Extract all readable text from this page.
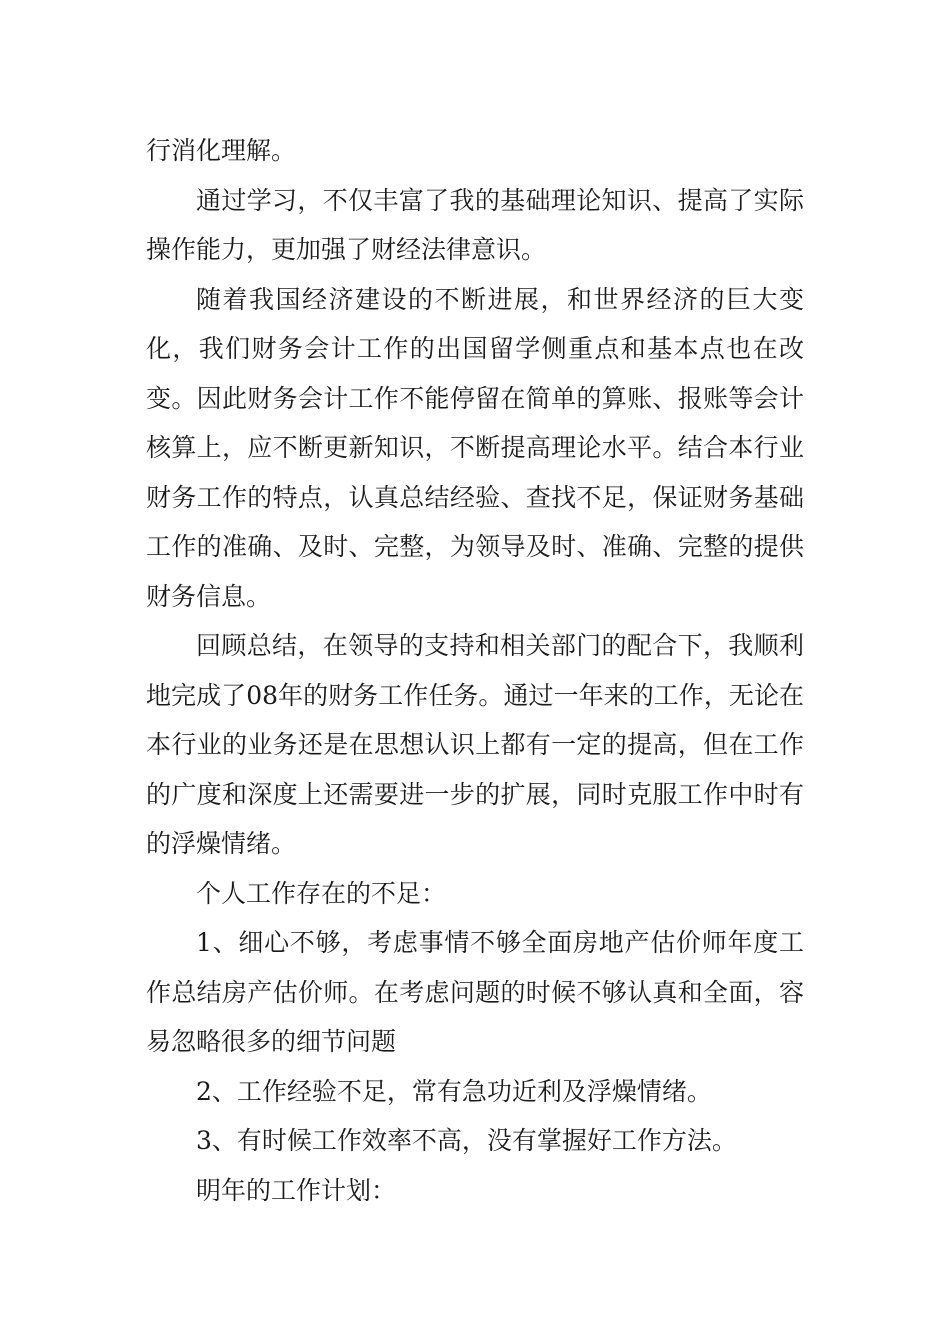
行消化理解。

通过学习，不仅丰富了我的基础理论知识、提高了实际操作能力，更加强了财经法律意识。

随着我国经济建设的不断进展，和世界经济的巨大变化，我们财务会计工作的出国留学侧重点和基本点也在改变。因此财务会计工作不能停留在简单的算账、报账等会计核算上，应不断更新知识，不断提高理论水平。结合本行业财务工作的特点，认真总结经验、查找不足，保证财务基础工作的准确、及时、完整，为领导及时、准确、完整的提供财务信息。

回顾总结，在领导的支持和相关部门的配合下，我顺利地完成了08年的财务工作任务。通过一年来的工作，无论在本行业的业务还是在思想认识上都有一定的提高，但在工作的广度和深度上还需要进一步的扩展，同时克服工作中时有的浮燥情绪。

个人工作存在的不足：

1、细心不够，考虑事情不够全面房地产估价师年度工作总结房产估价师。在考虑问题的时候不够认真和全面，容易忽略很多的细节问题

2、工作经验不足，常有急功近利及浮燥情绪。

3、有时候工作效率不高，没有掌握好工作方法。

明年的工作计划：
